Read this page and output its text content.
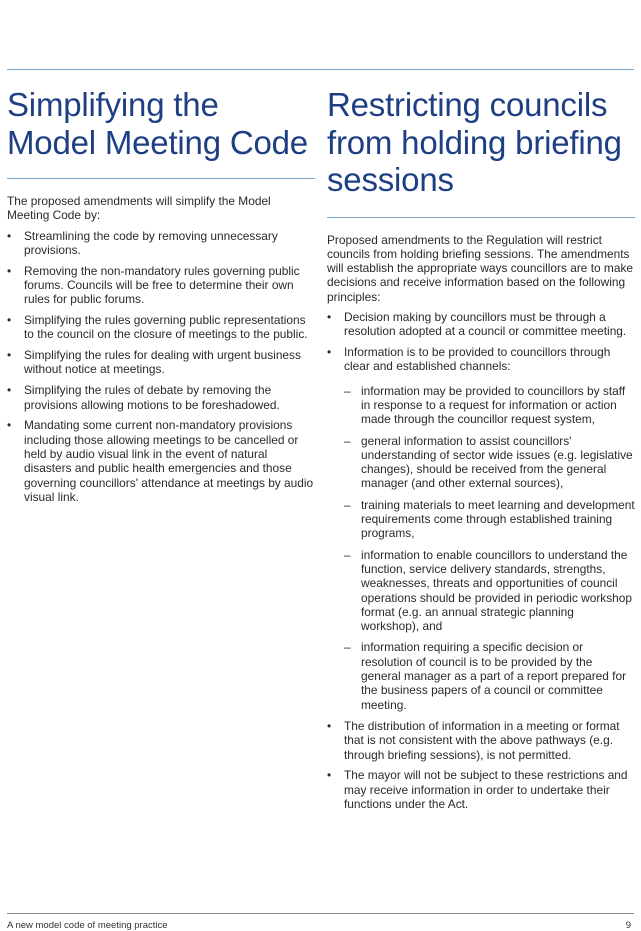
Simplifying the Model Meeting Code

The proposed amendments will simplify the Model Meeting Code by:

• Streamlining the code by removing unnecessary provisions.
• Removing the non-mandatory rules governing public forums. Councils will be free to determine their own rules for public forums.
• Simplifying the rules governing public representations to the council on the closure of meetings to the public.
• Simplifying the rules for dealing with urgent business without notice at meetings.
• Simplifying the rules of debate by removing the provisions allowing motions to be foreshadowed.
• Mandating some current non-mandatory provisions including those allowing meetings to be cancelled or held by audio visual link in the event of natural disasters and public health emergencies and those governing councillors' attendance at meetings by audio visual link.
Restricting councils from holding briefing sessions

Proposed amendments to the Regulation will restrict councils from holding briefing sessions. The amendments will establish the appropriate ways councillors are to make decisions and receive information based on the following principles:

• Decision making by councillors must be through a resolution adopted at a council or committee meeting.
• Information is to be provided to councillors through clear and established channels:
– information may be provided to councillors by staff in response to a request for information or action made through the councillor request system,
– general information to assist councillors' understanding of sector wide issues (e.g. legislative changes), should be received from the general manager (and other external sources),
– training materials to meet learning and development requirements come through established training programs,
– information to enable councillors to understand the function, service delivery standards, strengths, weaknesses, threats and opportunities of council operations should be provided in periodic workshop format (e.g. an annual strategic planning workshop), and
– information requiring a specific decision or resolution of council is to be provided by the general manager as a part of a report prepared for the business papers of a council or committee meeting.
• The distribution of information in a meeting or format that is not consistent with the above pathways (e.g. through briefing sessions), is not permitted.
• The mayor will not be subject to these restrictions and may receive information in order to undertake their functions under the Act.
A new model code of meeting practice	9
